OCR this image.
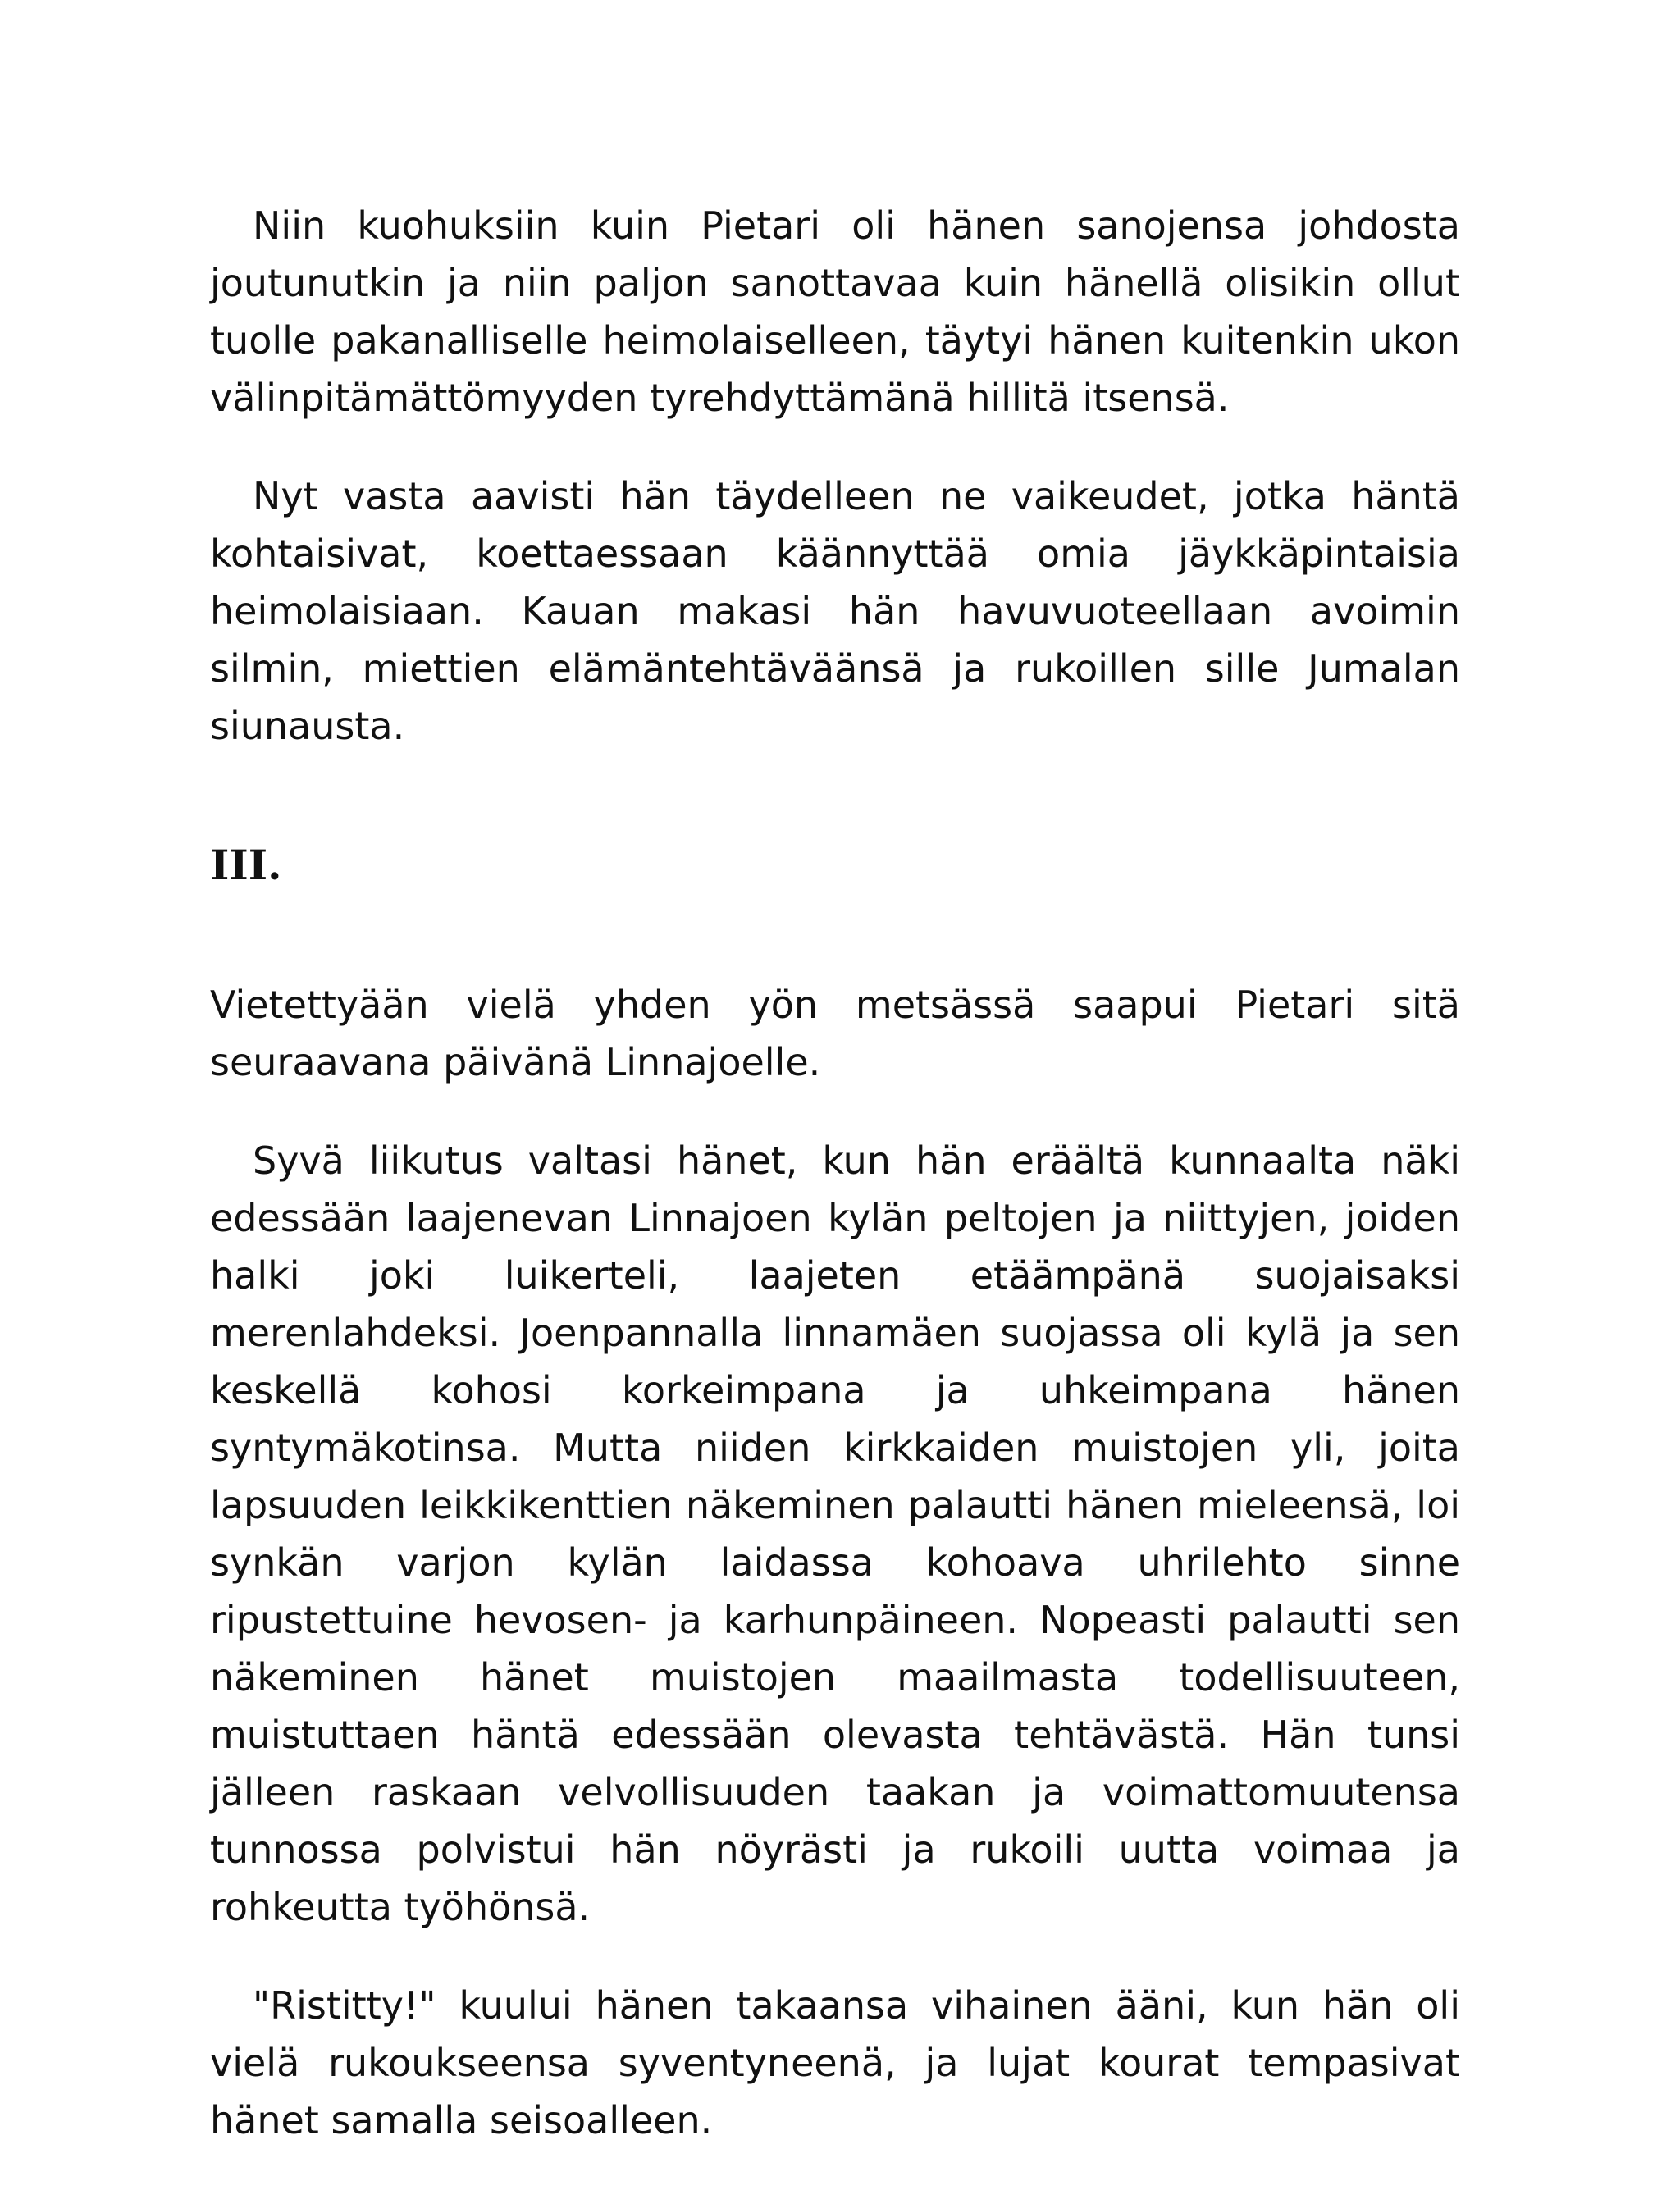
Niin kuohuksiin kuin Pietari oli hänen sanojensa johdosta joutunutkin ja niin paljon sanottavaa kuin hänellä olisikin ollut tuolle pakanalliselle heimolaiselleen, täytyi hänen kuitenkin ukon välinpitämättömyyden tyrehdyttämänä hillitä itsensä.

Nyt vasta aavisti hän täydelleen ne vaikeudet, jotka häntä kohtaisivat, koettaessaan käännyttää omia jäykkäpintaisia heimolaisiaan. Kauan makasi hän havuvuoteellaan avoimin silmin, miettien elämäntehtäväänsä ja rukoillen sille Jumalan siunausta.

III.

Vietettyään vielä yhden yön metsässä saapui Pietari sitä seuraavana päivänä Linnajoelle.

Syvä liikutus valtasi hänet, kun hän eräältä kunnaalta näki edessään laajenevan Linnajoen kylän peltojen ja niittyjen, joiden halki joki luikerteli, laajeten etäämpänä suojaisaksi merenlahdeksi. Joenpannalla linnamäen suojassa oli kylä ja sen keskellä kohosi korkeimpana ja uhkeimpana hänen syntymäkotinsa. Mutta niiden kirkkaiden muistojen yli, joita lapsuuden leikkikenttien näkeminen palautti hänen mieleensä, loi synkän varjon kylän laidassa kohoava uhrilehto sinne ripustettuine hevosen- ja karhunpäineen. Nopeasti palautti sen näkeminen hänet muistojen maailmasta todellisuuteen, muistuttaen häntä edessään olevasta tehtävästä. Hän tunsi jälleen raskaan velvollisuuden taakan ja voimattomuutensa tunnossa polvistui hän nöyrästi ja rukoili uutta voimaa ja rohkeutta työhönsä.

"Ristitty!" kuului hänen takaansa vihainen ääni, kun hän oli vielä rukoukseensa syventyneenä, ja lujat kourat tempasivat hänet samalla seisoalleen.
